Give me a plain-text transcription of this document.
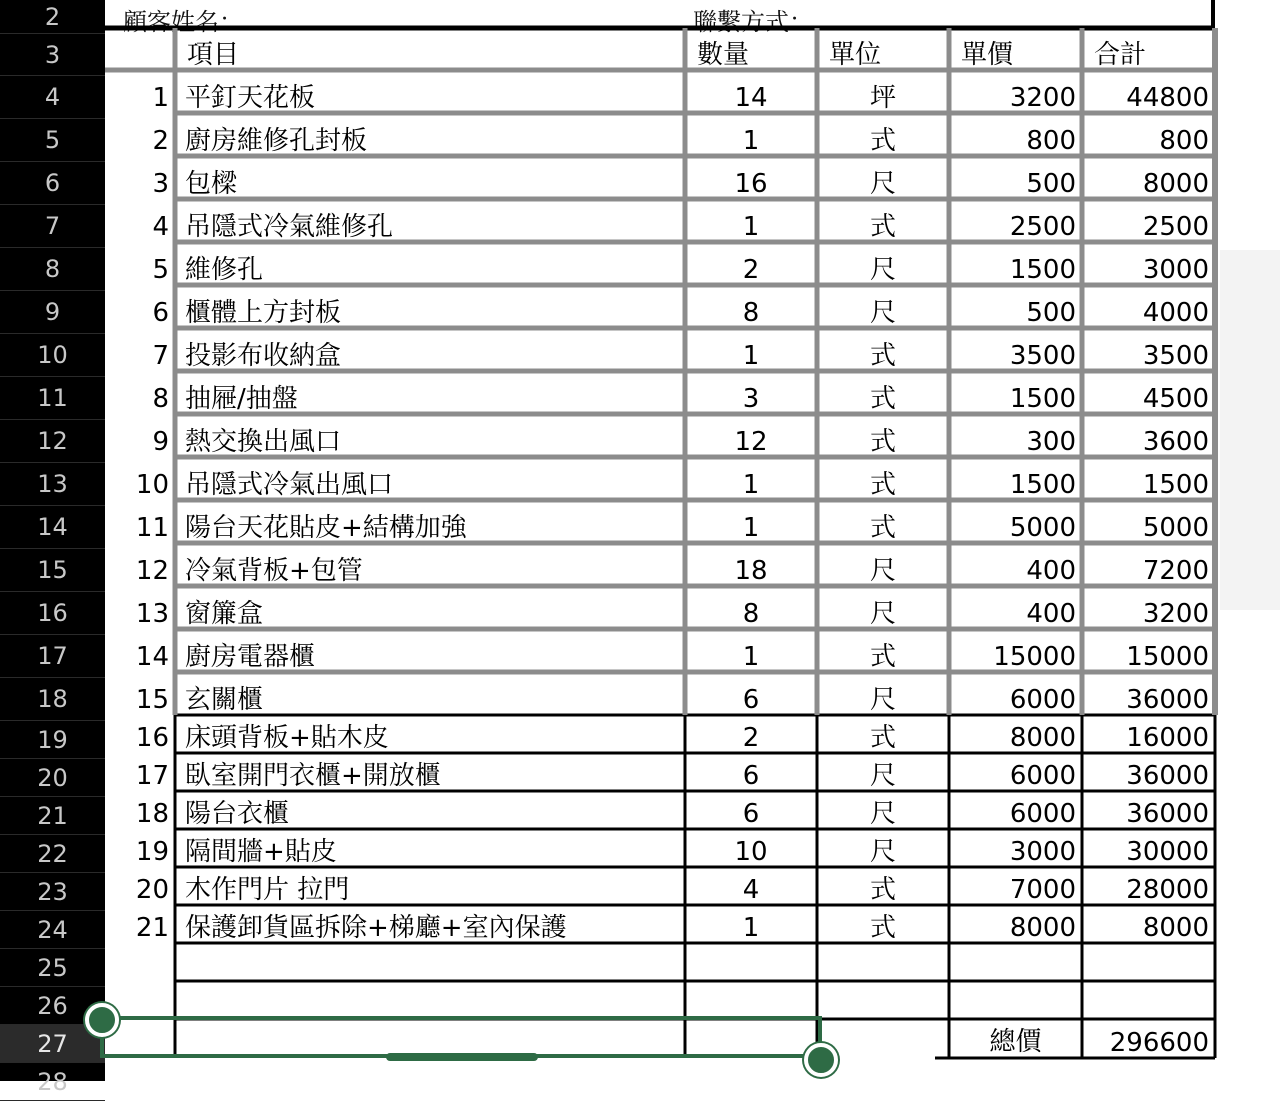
2
3
4
5
6
7
8
9
10
11
12
13
14
15
16
17
18
19
20
21
22
23
24
25
26
27
28
顧客姓名：	聯繫方式：
項目	數量	單位	單價	合計
1 平釘天花板	14	坪	3200	44800
2 廚房維修孔封板	1	式	800	800
3 包樑	16	尺	500	8000
4 吊隱式冷氣維修孔	1	式	2500	2500
5 維修孔	2	尺	1500	3000
6 櫃體上方封板	8	尺	500	4000
7 投影布收納盒	1	式	3500	3500
8 抽屜/抽盤	3	式	1500	4500
9 熱交換出風口	12	式	300	3600
10 吊隱式冷氣出風口	1	式	1500	1500
11 陽台天花貼皮+結構加強	1	式	5000	5000
12 冷氣背板+包管	18	尺	400	7200
13 窗簾盒	8	尺	400	3200
14 廚房電器櫃	1	式	15000	15000
15 玄關櫃	6	尺	6000	36000
16 床頭背板+貼木皮	2	式	8000	16000
17 臥室開門衣櫃+開放櫃	6	尺	6000	36000
18 陽台衣櫃	6	尺	6000	36000
19 隔間牆+貼皮	10	尺	3000	30000
20 木作門片 拉門	4	式	7000	28000
21 保護卸貨區拆除+梯廳+室內保護	1	式	8000	8000
總價	296600
